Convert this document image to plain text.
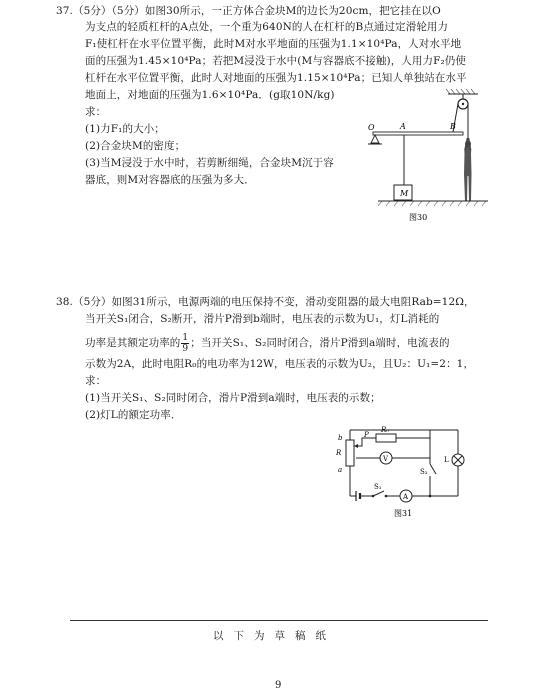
37.（5分）（5分）如图30所示，一正方体合金块M的边长为20cm，把它挂在以O
为支点的轻质杠杆的A点处，一个重为640N的人在杠杆的B点通过定滑轮用力
F₁使杠杆在水平位置平衡，此时M对水平地面的压强为1.1×10⁴Pa，人对水平地
面的压强为1.45×10⁴Pa；若把M浸没于水中(M与容器底不接触)，人用力F₂仍使
杠杆在水平位置平衡，此时人对地面的压强为1.15×10⁴Pa；已知人单独站在水平
地面上，对地面的压强为1.6×10⁴Pa．(g取10N/kg)
求：
(1)力F₁的大小；
(2)合金块M的密度；
(3)当M浸没于水中时，若剪断细绳，合金块M沉于容
器底，则M对容器底的压强为多大．
O	A	B
M
图30
38.（5分）如图31所示，电源两端的电压保持不变，滑动变阻器的最大电阻Rab=12Ω，
当开关S₁闭合，S₂断开，滑片P滑到b端时，电压表的示数为U₁，灯L消耗的
功率是其额定功率的 $\frac{1}{9}$ ；当开关S₁、S₂同时闭合，滑片P滑到a端时，电流表的
示数为2A，此时电阻R₀的电功率为12W，电压表的示数为U₂，且U₂：U₁=2：1，
求：
(1)当开关S₁、S₂同时闭合，滑片P滑到a端时，电压表的示数；
(2)灯L的额定功率．
b
R
a
P
R₀
V
S₂
L
S₁
A
图31
以下为草稿纸
9
